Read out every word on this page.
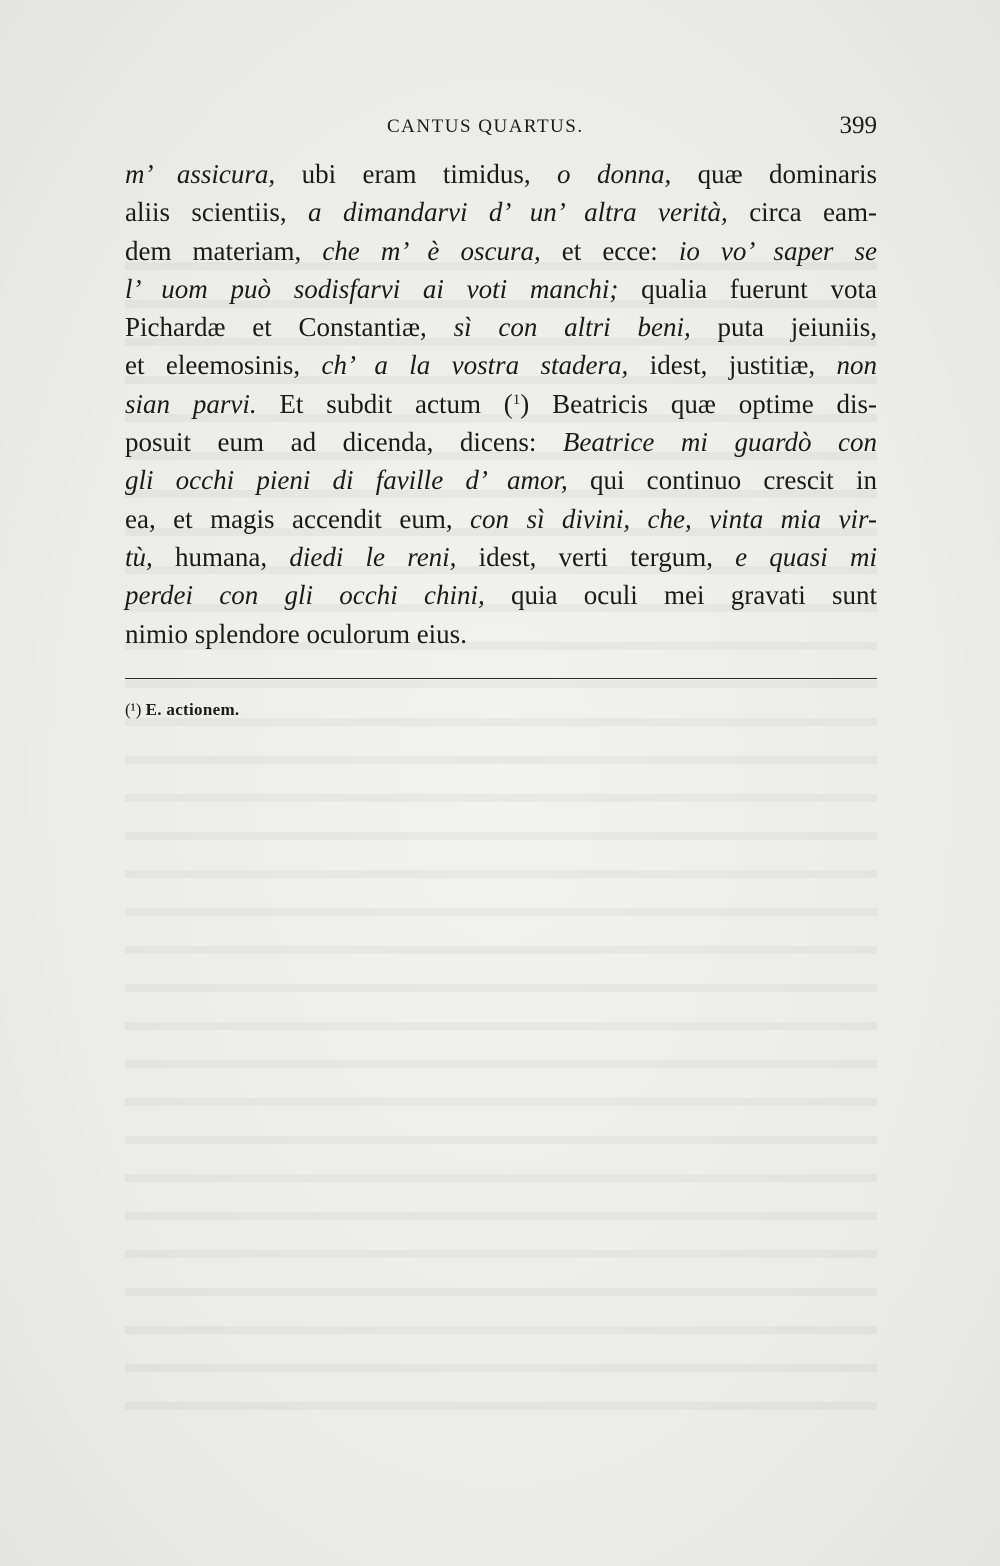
CANTUS QUARTUS.	399
m’ assicura, ubi eram timidus, o donna, quæ dominaris
aliis scientiis, a dimandarvi d’ un’ altra verità, circa eam-
dem materiam, che m’ è oscura, et ecce: io vo’ saper se
l’ uom può sodisfarvi ai voti manchi; qualia fuerunt vota
Pichardæ et Constantiæ, sì con altri beni, puta jeiuniis,
et eleemosinis, ch’ a la vostra stadera, idest, justitiæ, non
sian parvi. Et subdit actum ($^1$) Beatricis quæ optime dis-
posuit eum ad dicenda, dicens: Beatrice mi guardò con
gli occhi pieni di faville d’ amor, qui continuo crescit in
ea, et magis accendit eum, con sì divini, che, vinta mia vir-
tù, humana, diedi le reni, idest, verti tergum, e quasi mi
perdei con gli occhi chini, quia oculi mei gravati sunt
nimio splendore oculorum eius.
(¹) E. actionem.
